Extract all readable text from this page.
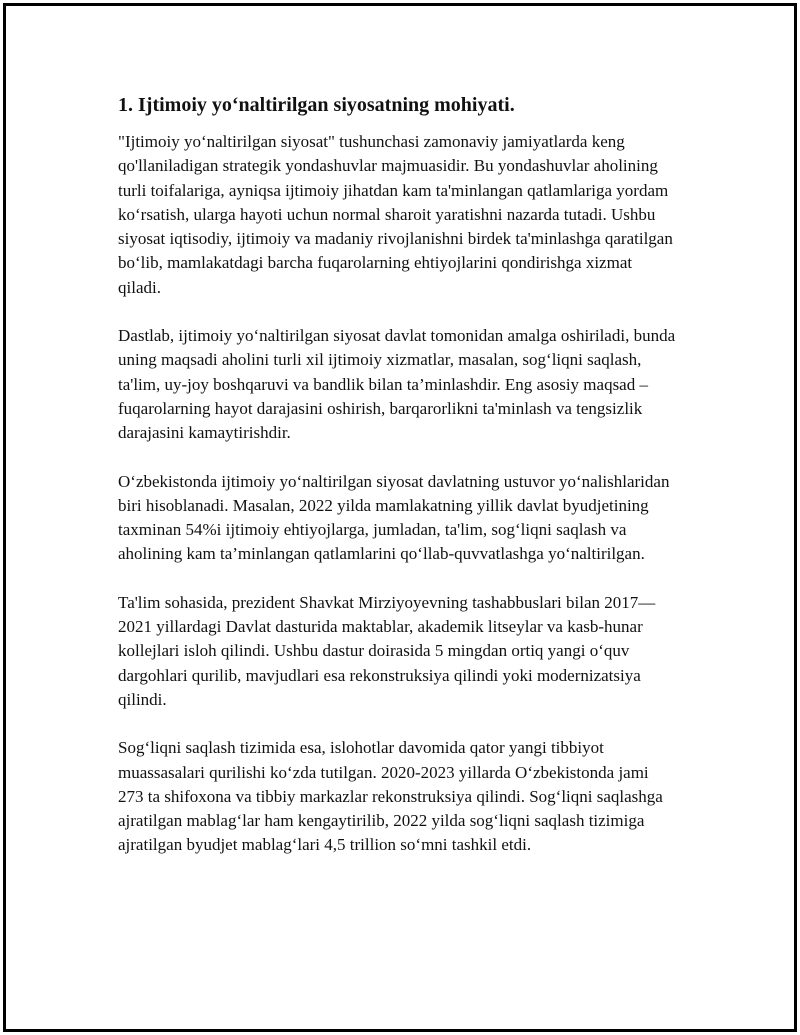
1. Ijtimoiy yo‘naltirilgan siyosatning mohiyati.

"Ijtimoiy yo‘naltirilgan siyosat" tushunchasi zamonaviy jamiyatlarda keng qo'llaniladigan strategik yondashuvlar majmuasidir. Bu yondashuvlar aholining turli toifalariga, ayniqsa ijtimoiy jihatdan kam ta'minlangan qatlamlariga yordam ko‘rsatish, ularga hayoti uchun normal sharoit yaratishni nazarda tutadi. Ushbu siyosat iqtisodiy, ijtimoiy va madaniy rivojlanishni birdek ta'minlashga qaratilgan bo‘lib, mamlakatdagi barcha fuqarolarning ehtiyojlarini qondirishga xizmat qiladi.

Dastlab, ijtimoiy yo‘naltirilgan siyosat davlat tomonidan amalga oshiriladi, bunda uning maqsadi aholini turli xil ijtimoiy xizmatlar, masalan, sog‘liqni saqlash, ta'lim, uy-joy boshqaruvi va bandlik bilan ta’minlashdir. Eng asosiy maqsad – fuqarolarning hayot darajasini oshirish, barqarorlikni ta'minlash va tengsizlik darajasini kamaytirishdir.

O‘zbekistonda ijtimoiy yo‘naltirilgan siyosat davlatning ustuvor yo‘nalishlaridan biri hisoblanadi. Masalan, 2022 yilda mamlakatning yillik davlat byudjetining taxminan 54%i ijtimoiy ehtiyojlarga, jumladan, ta'lim, sog‘liqni saqlash va aholining kam ta’minlangan qatlamlarini qo‘llab-quvvatlashga yo‘naltirilgan.

Ta'lim sohasida, prezident Shavkat Mirziyoyevning tashabbuslari bilan 2017—2021 yillardagi Davlat dasturida maktablar, akademik litseylar va kasb-hunar kollejlari isloh qilindi. Ushbu dastur doirasida 5 mingdan ortiq yangi o‘quv dargohlari qurilib, mavjudlari esa rekonstruksiya qilindi yoki modernizatsiya qilindi.

Sog‘liqni saqlash tizimida esa, islohotlar davomida qator yangi tibbiyot muassasalari qurilishi ko‘zda tutilgan. 2020-2023 yillarda O‘zbekistonda jami 273 ta shifoxona va tibbiy markazlar rekonstruksiya qilindi. Sog‘liqni saqlashga ajratilgan mablag‘lar ham kengaytirilib, 2022 yilda sog‘liqni saqlash tizimiga ajratilgan byudjet mablag‘lari 4,5 trillion so‘mni tashkil etdi.
